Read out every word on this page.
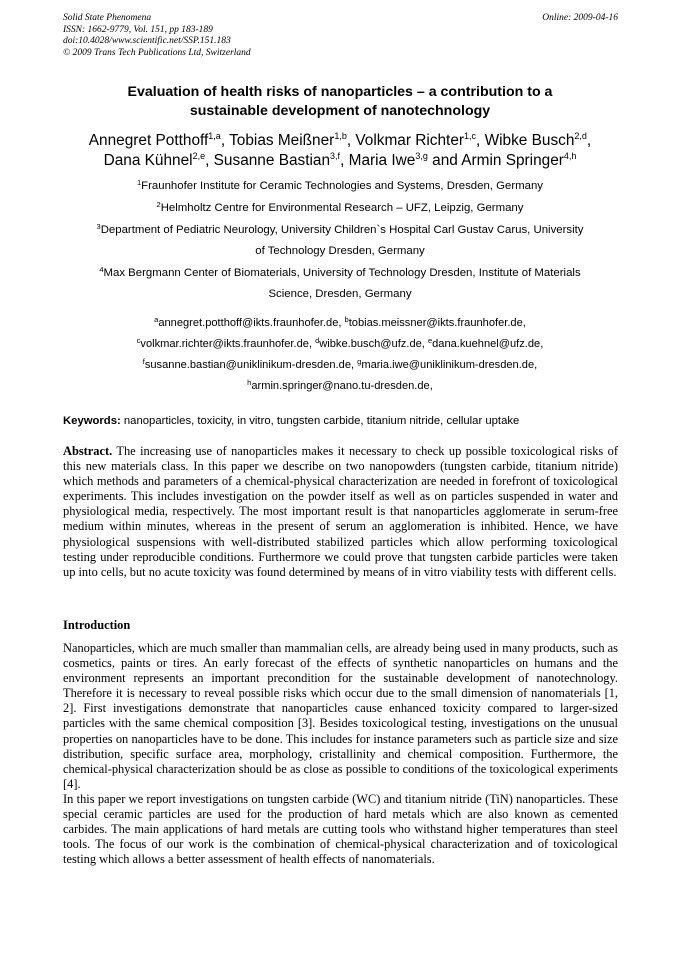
Solid State Phenomena
ISSN: 1662-9779, Vol. 151, pp 183-189
doi:10.4028/www.scientific.net/SSP.151.183
© 2009 Trans Tech Publications Ltd, Switzerland
Online: 2009-04-16
Evaluation of health risks of nanoparticles – a contribution to a
sustainable development of nanotechnology
Annegret Potthoff$^{1,a}$, Tobias Meißner$^{1,b}$, Volkmar Richter$^{1,c}$, Wibke Busch$^{2,d}$,
Dana Kühnel$^{2,e}$, Susanne Bastian$^{3,f}$, Maria Iwe$^{3,g}$ and Armin Springer$^{4,h}$
$^1$Fraunhofer Institute for Ceramic Technologies and Systems, Dresden, Germany
$^2$Helmholtz Centre for Environmental Research – UFZ, Leipzig, Germany
$^3$Department of Pediatric Neurology, University Children`s Hospital Carl Gustav Carus, University
of Technology Dresden, Germany
$^4$Max Bergmann Center of Biomaterials, University of Technology Dresden, Institute of Materials
Science, Dresden, Germany
$^a$annegret.potthoff@ikts.fraunhofer.de, $^b$tobias.meissner@ikts.fraunhofer.de,
$^c$volkmar.richter@ikts.fraunhofer.de, $^d$wibke.busch@ufz.de, $^e$dana.kuehnel@ufz.de,
$^f$susanne.bastian@uniklinikum-dresden.de, $^g$maria.iwe@uniklinikum-dresden.de,
$^h$armin.springer@nano.tu-dresden.de,
Keywords: nanoparticles, toxicity, in vitro, tungsten carbide, titanium nitride, cellular uptake
Abstract. The increasing use of nanoparticles makes it necessary to check up possible toxicological risks of this new materials class. In this paper we describe on two nanopowders (tungsten carbide, titanium nitride) which methods and parameters of a chemical-physical characterization are needed in forefront of toxicological experiments. This includes investigation on the powder itself as well as on particles suspended in water and physiological media, respectively. The most important result is that nanoparticles agglomerate in serum-free medium within minutes, whereas in the present of serum an agglomeration is inhibited. Hence, we have physiological suspensions with well-distributed stabilized particles which allow performing toxicological testing under reproducible conditions. Furthermore we could prove that tungsten carbide particles were taken up into cells, but no acute toxicity was found determined by means of in vitro viability tests with different cells.
Introduction

Nanoparticles, which are much smaller than mammalian cells, are already being used in many products, such as cosmetics, paints or tires. An early forecast of the effects of synthetic nanoparticles on humans and the environment represents an important precondition for the sustainable development of nanotechnology. Therefore it is necessary to reveal possible risks which occur due to the small dimension of nanomaterials [1, 2]. First investigations demonstrate that nanoparticles cause enhanced toxicity compared to larger-sized particles with the same chemical composition [3]. Besides toxicological testing, investigations on the unusual properties on nanoparticles have to be done. This includes for instance parameters such as particle size and size distribution, specific surface area, morphology, cristallinity and chemical composition. Furthermore, the chemical-physical characterization should be as close as possible to conditions of the toxicological experiments [4].

In this paper we report investigations on tungsten carbide (WC) and titanium nitride (TiN) nanoparticles. These special ceramic particles are used for the production of hard metals which are also known as cemented carbides. The main applications of hard metals are cutting tools who withstand higher temperatures than steel tools. The focus of our work is the combination of chemical-physical characterization and of toxicological testing which allows a better assessment of health effects of nanomaterials.
